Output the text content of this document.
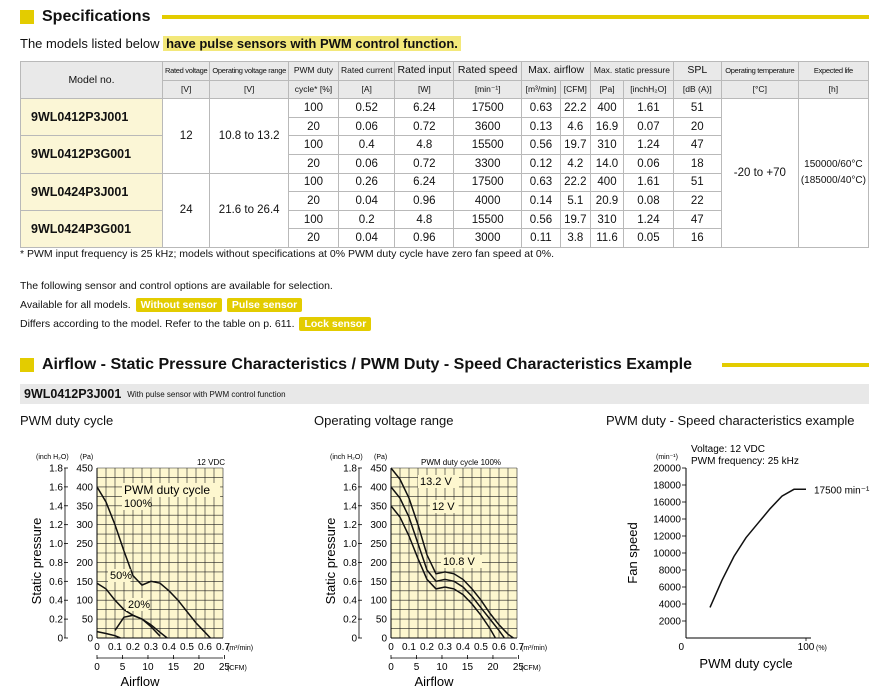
Specifications
The models listed below have pulse sensors with PWM control function.
Model no.	Rated voltage	Operating voltage range	PWM duty	Rated current	Rated input	Rated speed	Max. airflow		Max. static pressure		SPL	Operating temperature	Expected life
	[V]	[V]	cycle* [%]	[A]	[W]	[min⁻¹]	[m³/min]	[CFM]	[Pa]	[inchH₂O]	[dB (A)]	[°C]	[h]
9WL0412P3J001	12	10.8 to 13.2	100	0.52	6.24	17500	0.63	22.2	400	1.61	51	-20 to +70	150000/60°C
(185000/40°C)
			20	0.06	0.72	3600	0.13	4.6	16.9	0.07	20		
9WL0412P3G001			100	0.4	4.8	15500	0.56	19.7	310	1.24	47		
			20	0.06	0.72	3300	0.12	4.2	14.0	0.06	18		
9WL0424P3J001	24	21.6 to 26.4	100	0.26	6.24	17500	0.63	22.2	400	1.61	51		
			20	0.04	0.96	4000	0.14	5.1	20.9	0.08	22		
9WL0424P3G001			100	0.2	4.8	15500	0.56	19.7	310	1.24	47		
			20	0.04	0.96	3000	0.11	3.8	11.6	0.05	16		
* PWM input frequency is 25 kHz; models without specifications at 0% PWM duty cycle have zero fan speed at 0%.
The following sensor and control options are available for selection.
Available for all models. Without sensor Pulse sensor
Differs according to the model. Refer to the table on p. 611. Lock sensor
Airflow - Static Pressure Characteristics / PWM Duty - Speed Characteristics Example
9WL0412P3J001 With pulse sensor with PWM control function
PWM duty cycle	Operating voltage range	PWM duty - Speed characteristics example
0
50
100
150
200
250
300
350
400
450
0
0.2
0.4
0.6
0.8
1.0
1.2
1.4
1.6
1.8
(inch H₂O) (Pa)
0 0.1 0.2 0.3 0.4 0.5 0.6 0.7
(m³/min)
0 5 10 15 20 25
(CFM)
Airflow
Static pressure
12 VDC
PWM duty cycle
100%
50%
20%
0
50
100
150
200
250
300
350
400
450
0
0.2
0.4
0.6
0.8
1.0
1.2
1.4
1.6
1.8
(inch H₂O) (Pa)
0 0.1 0.2 0.3 0.4 0.5 0.6 0.7
(m³/min)
0 5 10 15 20 25
(CFM)
Airflow
Static pressure
PWM duty cycle 100%
13.2 V
12 V
10.8 V
2000
4000
6000
8000
10000
12000
14000
16000
18000
20000
(min⁻¹)
0	100 (%)
PWM duty cycle
Fan speed
Voltage: 12 VDC
PWM frequency: 25 kHz
17500 min⁻¹
